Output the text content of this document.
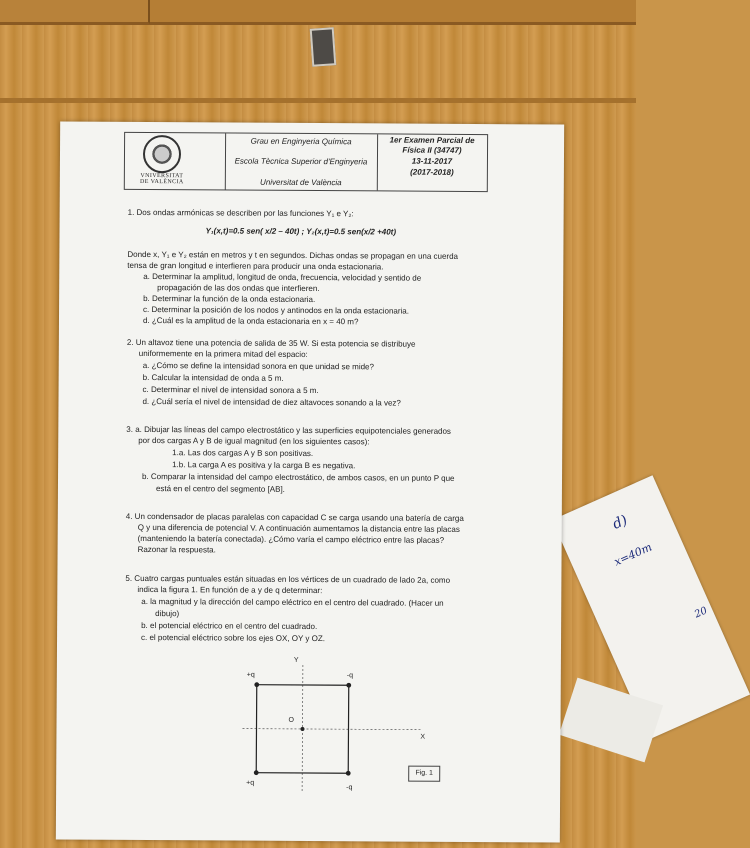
d)
x=40m
20
VNIVERSITAT DE VALÈNCIA
Grau en Enginyeria Química
Escola Tècnica Superior d'Enginyeria
Universitat de València
1er Examen Parcial de
Física II (34747)
13-11-2017
(2017-2018)
1. Dos ondas armónicas se describen por las funciones Y₁ e Y₂:
Y₁(x,t)=0.5 sen( x/2 – 40t) ; Y₂(x,t)=0.5 sen(x/2 +40t)
Donde x, Y₁ e Y₂ están en metros y t en segundos. Dichas ondas se propagan en una cuerda
tensa de gran longitud e interfieren para producir una onda estacionaria.
a. Determinar la amplitud, longitud de onda, frecuencia, velocidad y sentido de
propagación de las dos ondas que interfieren.
b. Determinar la función de la onda estacionaria.
c. Determinar la posición de los nodos y antinodos en la onda estacionaria.
d. ¿Cuál es la amplitud de la onda estacionaria en x = 40 m?
2. Un altavoz tiene una potencia de salida de 35 W. Si esta potencia se distribuye
uniformemente en la primera mitad del espacio:
a. ¿Cómo se define la intensidad sonora en que unidad se mide?
b. Calcular la intensidad de onda a 5 m.
c. Determinar el nivel de intensidad sonora a 5 m.
d. ¿Cuál sería el nivel de intensidad de diez altavoces sonando a la vez?
3. a. Dibujar las líneas del campo electrostático y las superficies equipotenciales generados
por dos cargas A y B de igual magnitud (en los siguientes casos):
1.a. Las dos cargas A y B son positivas.
1.b. La carga A es positiva y la carga B es negativa.
b. Comparar la intensidad del campo electrostático, de ambos casos, en un punto P que
está en el centro del segmento [AB].
4. Un condensador de placas paralelas con capacidad C se carga usando una batería de carga
Q y una diferencia de potencial V. A continuación aumentamos la distancia entre las placas
(manteniendo la batería conectada). ¿Cómo varía el campo eléctrico entre las placas?
Razonar la respuesta.
5. Cuatro cargas puntuales están situadas en los vértices de un cuadrado de lado 2a, como
indica la figura 1. En función de a y de q determinar:
a. la magnitud y la dirección del campo eléctrico en el centro del cuadrado. (Hacer un
dibujo)
b. el potencial eléctrico en el centro del cuadrado.
c. el potencial eléctrico sobre los ejes OX, OY y OZ.
Y
X
O
+q	-q
+q
-q
Fig. 1
